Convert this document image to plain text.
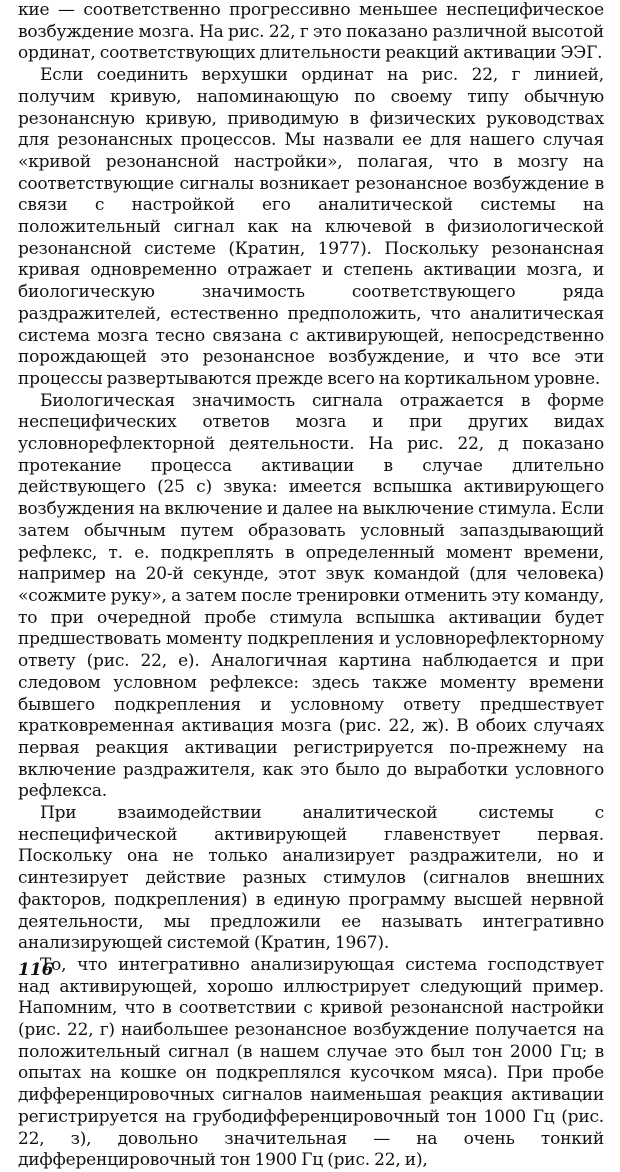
кие — соответственно прогрессивно меньшее неспецифическое возбуждение мозга. На рис. 22, г это показано различной высотой ординат, соответствующих длительности реакций активации ЭЭГ.

Если соединить верхушки ординат на рис. 22, г линией, получим кривую, напоминающую по своему типу обычную резонансную кривую, приводимую в физических руководствах для резонансных процессов. Мы назвали ее для нашего случая «кривой резонансной настройки», полагая, что в мозгу на соответствующие сигналы возникает резонансное возбуждение в связи с настройкой его аналитической системы на положительный сигнал как на ключевой в физиологической резонансной системе (Кратин, 1977). Поскольку резонансная кривая одновременно отражает и степень активации мозга, и биологическую значимость соответствующего ряда раздражителей, естественно предположить, что аналитическая система мозга тесно связана с активирующей, непосредственно порождающей это резонансное возбуждение, и что все эти процессы развертываются прежде всего на кортикальном уровне.

Биологическая значимость сигнала отражается в форме неспецифических ответов мозга и при других видах условнорефлекторной деятельности. На рис. 22, д показано протекание процесса активации в случае длительно действующего (25 с) звука: имеется вспышка активирующего возбуждения на включение и далее на выключение стимула. Если затем обычным путем образовать условный запаздывающий рефлекс, т. е. подкреплять в определенный момент времени, например на 20-й секунде, этот звук командой (для человека) «сожмите руку», а затем после тренировки отменить эту команду, то при очередной пробе стимула вспышка активации будет предшествовать моменту подкрепления и условнорефлекторному ответу (рис. 22, е). Аналогичная картина наблюдается и при следовом условном рефлексе: здесь также моменту времени бывшего подкрепления и условному ответу предшествует кратковременная активация мозга (рис. 22, ж). В обоих случаях первая реакция активации регистрируется по-прежнему на включение раздражителя, как это было до выработки условного рефлекса.

При взаимодействии аналитической системы с неспецифической активирующей главенствует первая. Поскольку она не только анализирует раздражители, но и синтезирует действие разных стимулов (сигналов внешних факторов, подкрепления) в единую программу высшей нервной деятельности, мы предложили ее называть интегративно анализирующей системой (Кратин, 1967).

То, что интегративно анализирующая система господствует над активирующей, хорошо иллюстрирует следующий пример. Напомним, что в соответствии с кривой резонансной настройки (рис. 22, г) наибольшее резонансное возбуждение получается на положительный сигнал (в нашем случае это был тон 2000 Гц; в опытах на кошке он подкреплялся кусочком мяса). При пробе дифференцировочных сигналов наименьшая реакция активации регистрируется на грубодифференцировочный тон 1000 Гц (рис. 22, з), довольно значительная — на очень тонкий дифференцировочный тон 1900 Гц (рис. 22, и),

116
